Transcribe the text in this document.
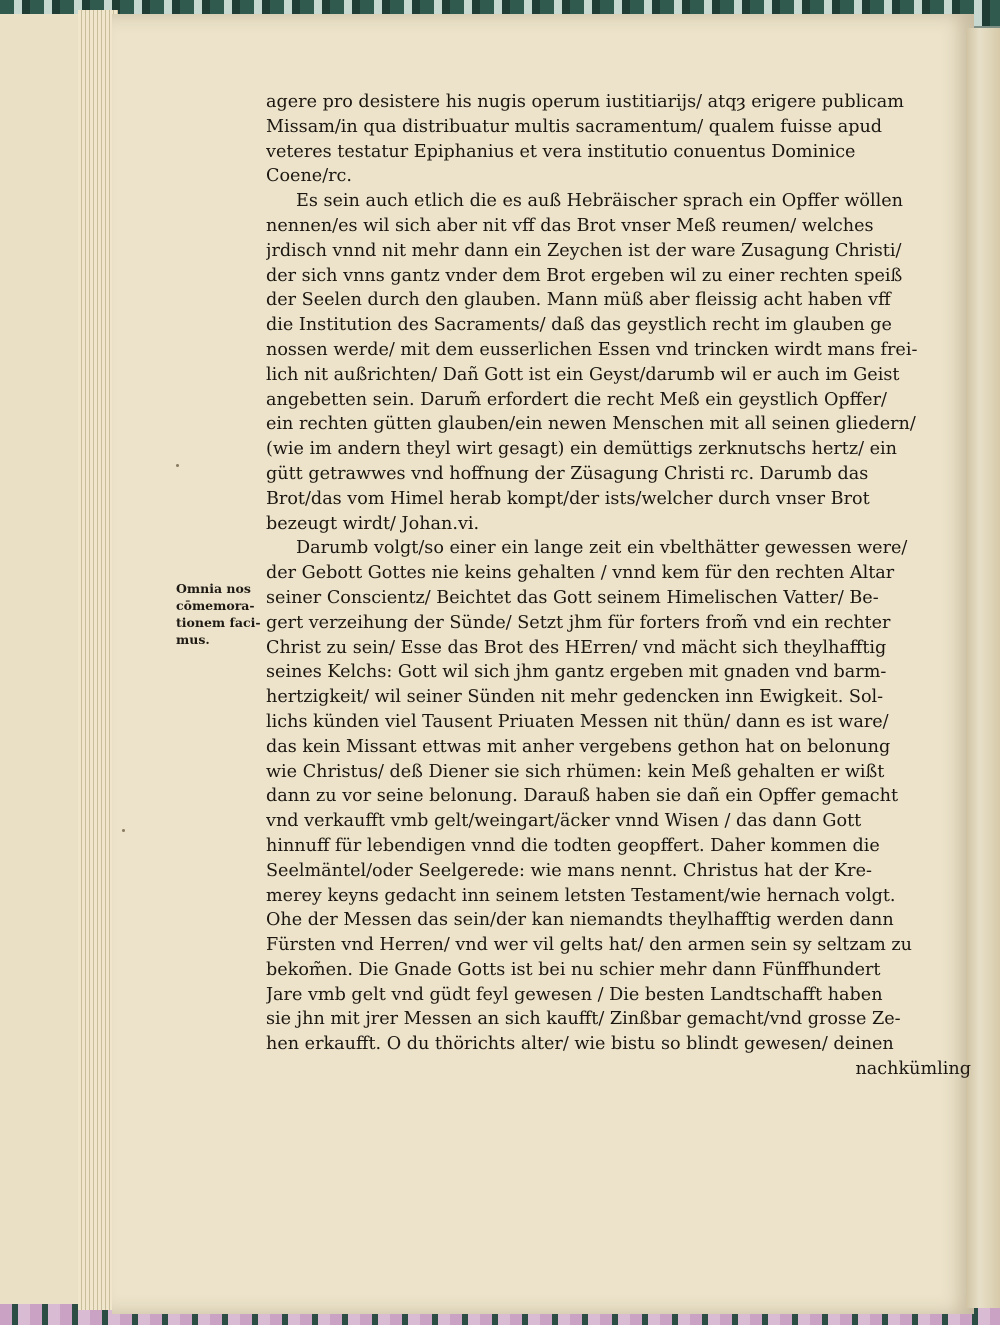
Omnia nos
cōmemora-
tionem faci-
mus.
agere pro desistere his nugis operum iustitiarijs/ atqȝ erigere publicam
Missam/in qua distribuatur multis sacramentum/ qualem fuisse apud
veteres testatur Epiphanius et vera institutio conuentus Dominice
Coene/rc.
Es sein auch etlich die es auß Hebräischer sprach ein Opffer wöllen
nennen/es wil sich aber nit vff das Brot vnser Meß reumen/ welches
jrdisch vnnd nit mehr dann ein Zeychen ist der ware Zusagung Christi/
der sich vnns gantz vnder dem Brot ergeben wil zu einer rechten speiß
der Seelen durch den glauben. Mann müß aber fleissig acht haben vff
die Institution des Sacraments/ daß das geystlich recht im glauben ge
nossen werde/ mit dem eusserlichen Essen vnd trincken wirdt mans frei-
lich nit außrichten/ Dañ Gott ist ein Geyst/darumb wil er auch im Geist
angebetten sein. Darum̃ erfordert die recht Meß ein geystlich Opffer/
ein rechten gütten glauben/ein newen Menschen mit all seinen gliedern/
(wie im andern theyl wirt gesagt) ein demüttigs zerknutschs hertz/ ein
gütt getrawwes vnd hoffnung der Züsagung Christi rc. Darumb das
Brot/das vom Himel herab kompt/der ists/welcher durch vnser Brot
bezeugt wirdt/ Johan.vi.
Darumb volgt/so einer ein lange zeit ein vbelthätter gewessen were/
der Gebott Gottes nie keins gehalten / vnnd kem für den rechten Altar
seiner Conscientz/ Beichtet das Gott seinem Himelischen Vatter/ Be-
gert verzeihung der Sünde/ Setzt jhm für forters from̃ vnd ein rechter
Christ zu sein/ Esse das Brot des HErren/ vnd mächt sich theylhafftig
seines Kelchs: Gott wil sich jhm gantz ergeben mit gnaden vnd barm-
hertzigkeit/ wil seiner Sünden nit mehr gedencken inn Ewigkeit. Sol-
lichs künden viel Tausent Priuaten Messen nit thün/ dann es ist ware/
das kein Missant ettwas mit anher vergebens gethon hat on belonung
wie Christus/ deß Diener sie sich rhümen: kein Meß gehalten er wißt
dann zu vor seine belonung. Darauß haben sie dañ ein Opffer gemacht
vnd verkaufft vmb gelt/weingart/äcker vnnd Wisen / das dann Gott
hinnuff für lebendigen vnnd die todten geopffert. Daher kommen die
Seelmäntel/oder Seelgerede: wie mans nennt. Christus hat der Kre-
merey keyns gedacht inn seinem letsten Testament/wie hernach volgt.
Ohe der Messen das sein/der kan niemandts theylhafftig werden dann
Fürsten vnd Herren/ vnd wer vil gelts hat/ den armen sein sy seltzam zu
bekom̃en. Die Gnade Gotts ist bei nu schier mehr dann Fünffhundert
Jare vmb gelt vnd güdt feyl gewesen / Die besten Landtschafft haben
sie jhn mit jrer Messen an sich kaufft/ Zinßbar gemacht/vnd grosse Ze-
hen erkaufft. O du thörichts alter/ wie bistu so blindt gewesen/ deinen
nachkümling
